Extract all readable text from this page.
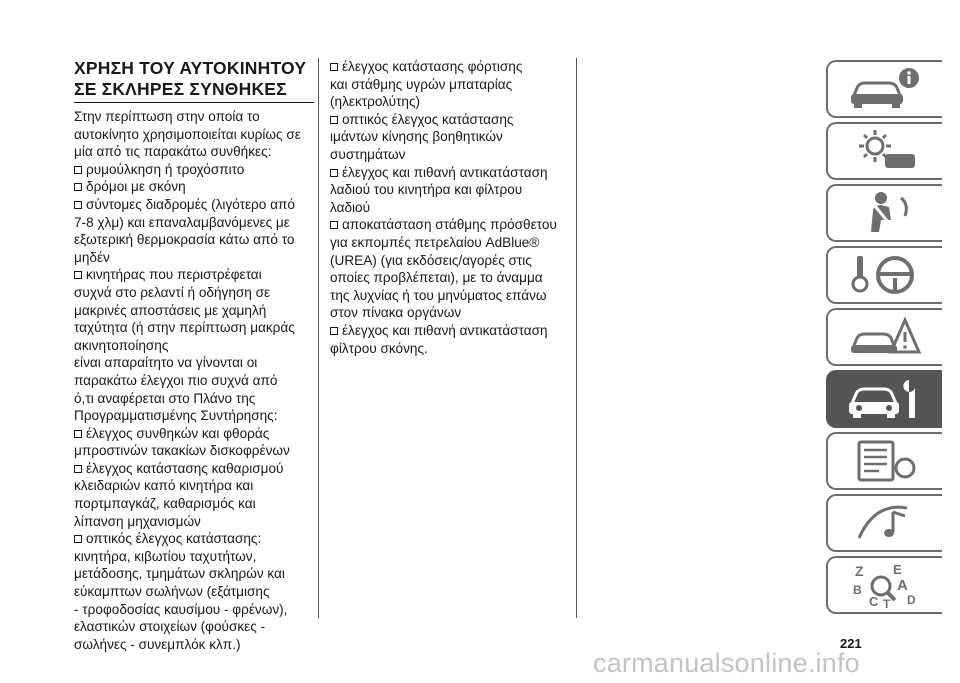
ΧΡΗΣΗ ΤΟΥ ΑΥΤΟΚΙΝΗΤΟΥ
ΣΕ ΣΚΛΗΡΕΣ ΣΥΝΘΗΚΕΣ
Στην περίπτωση στην οποία το
αυτοκίνητο χρησιμοποιείται κυρίως σε
μία από τις παρακάτω συνθήκες:
ρυμούλκηση ή τροχόσπιτο
δρόμοι με σκόνη
σύντομες διαδρομές (λιγότερο από
7-8 χλμ) και επαναλαμβανόμενες με
εξωτερική θερμοκρασία κάτω από το
μηδέν
κινητήρας που περιστρέφεται
συχνά στο ρελαντί ή οδήγηση σε
μακρινές αποστάσεις με χαμηλή
ταχύτητα (ή στην περίπτωση μακράς
ακινητοποίησης
είναι απαραίτητο να γίνονται οι
παρακάτω έλεγχοι πιο συχνά από
ό,τι αναφέρεται στο Πλάνο της
Προγραμματισμένης Συντήρησης:
έλεγχος συνθηκών και φθοράς
μπροστινών τακακίων δισκοφρένων
έλεγχος κατάστασης καθαρισμού
κλειδαριών καπό κινητήρα και
πορτμπαγκάζ, καθαρισμός και
λίπανση μηχανισμών
οπτικός έλεγχος κατάστασης:
κινητήρα, κιβωτίου ταχυτήτων,
μετάδοσης, τμημάτων σκληρών και
εύκαμπτων σωλήνων (εξάτμισης
- τροφοδοσίας καυσίμου - φρένων),
ελαστικών στοιχείων (φούσκες -
σωλήνες - συνεμπλόκ κλπ.)
έλεγχος κατάστασης φόρτισης
και στάθμης υγρών μπαταρίας
(ηλεκτρολύτης)
οπτικός έλεγχος κατάστασης
ιμάντων κίνησης βοηθητικών
συστημάτων
έλεγχος και πιθανή αντικατάσταση
λαδιού του κινητήρα και φίλτρου
λαδιού
αποκατάσταση στάθμης πρόσθετου
για εκπομπές πετρελαίου AdBlue®
(UREA) (για εκδόσεις/αγορές στις
οποίες προβλέπεται), με το άναμμα
της λυχνίας ή του μηνύματος επάνω
στον πίνακα οργάνων
έλεγχος και πιθανή αντικατάσταση
φίλτρου σκόνης.
221
carmanualsonline.info
Z E
B A
C T D
